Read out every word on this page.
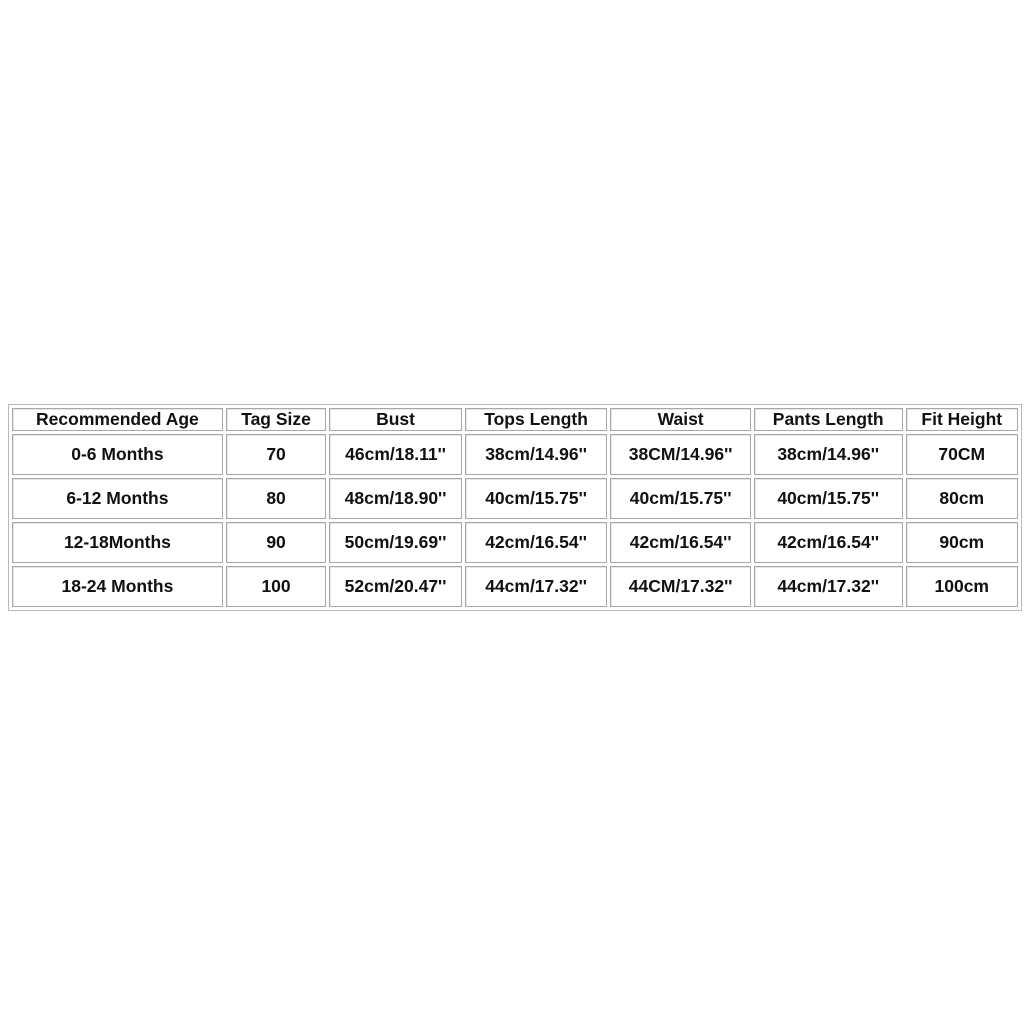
Recommended Age	Tag Size	Bust	Tops Length	Waist	Pants Length	Fit Height
0-6 Months	70	46cm/18.11''	38cm/14.96''	38CM/14.96''	38cm/14.96''	70CM
6-12 Months	80	48cm/18.90''	40cm/15.75''	40cm/15.75''	40cm/15.75''	80cm
12-18Months	90	50cm/19.69''	42cm/16.54''	42cm/16.54''	42cm/16.54''	90cm
18-24 Months	100	52cm/20.47''	44cm/17.32''	44CM/17.32''	44cm/17.32''	100cm
